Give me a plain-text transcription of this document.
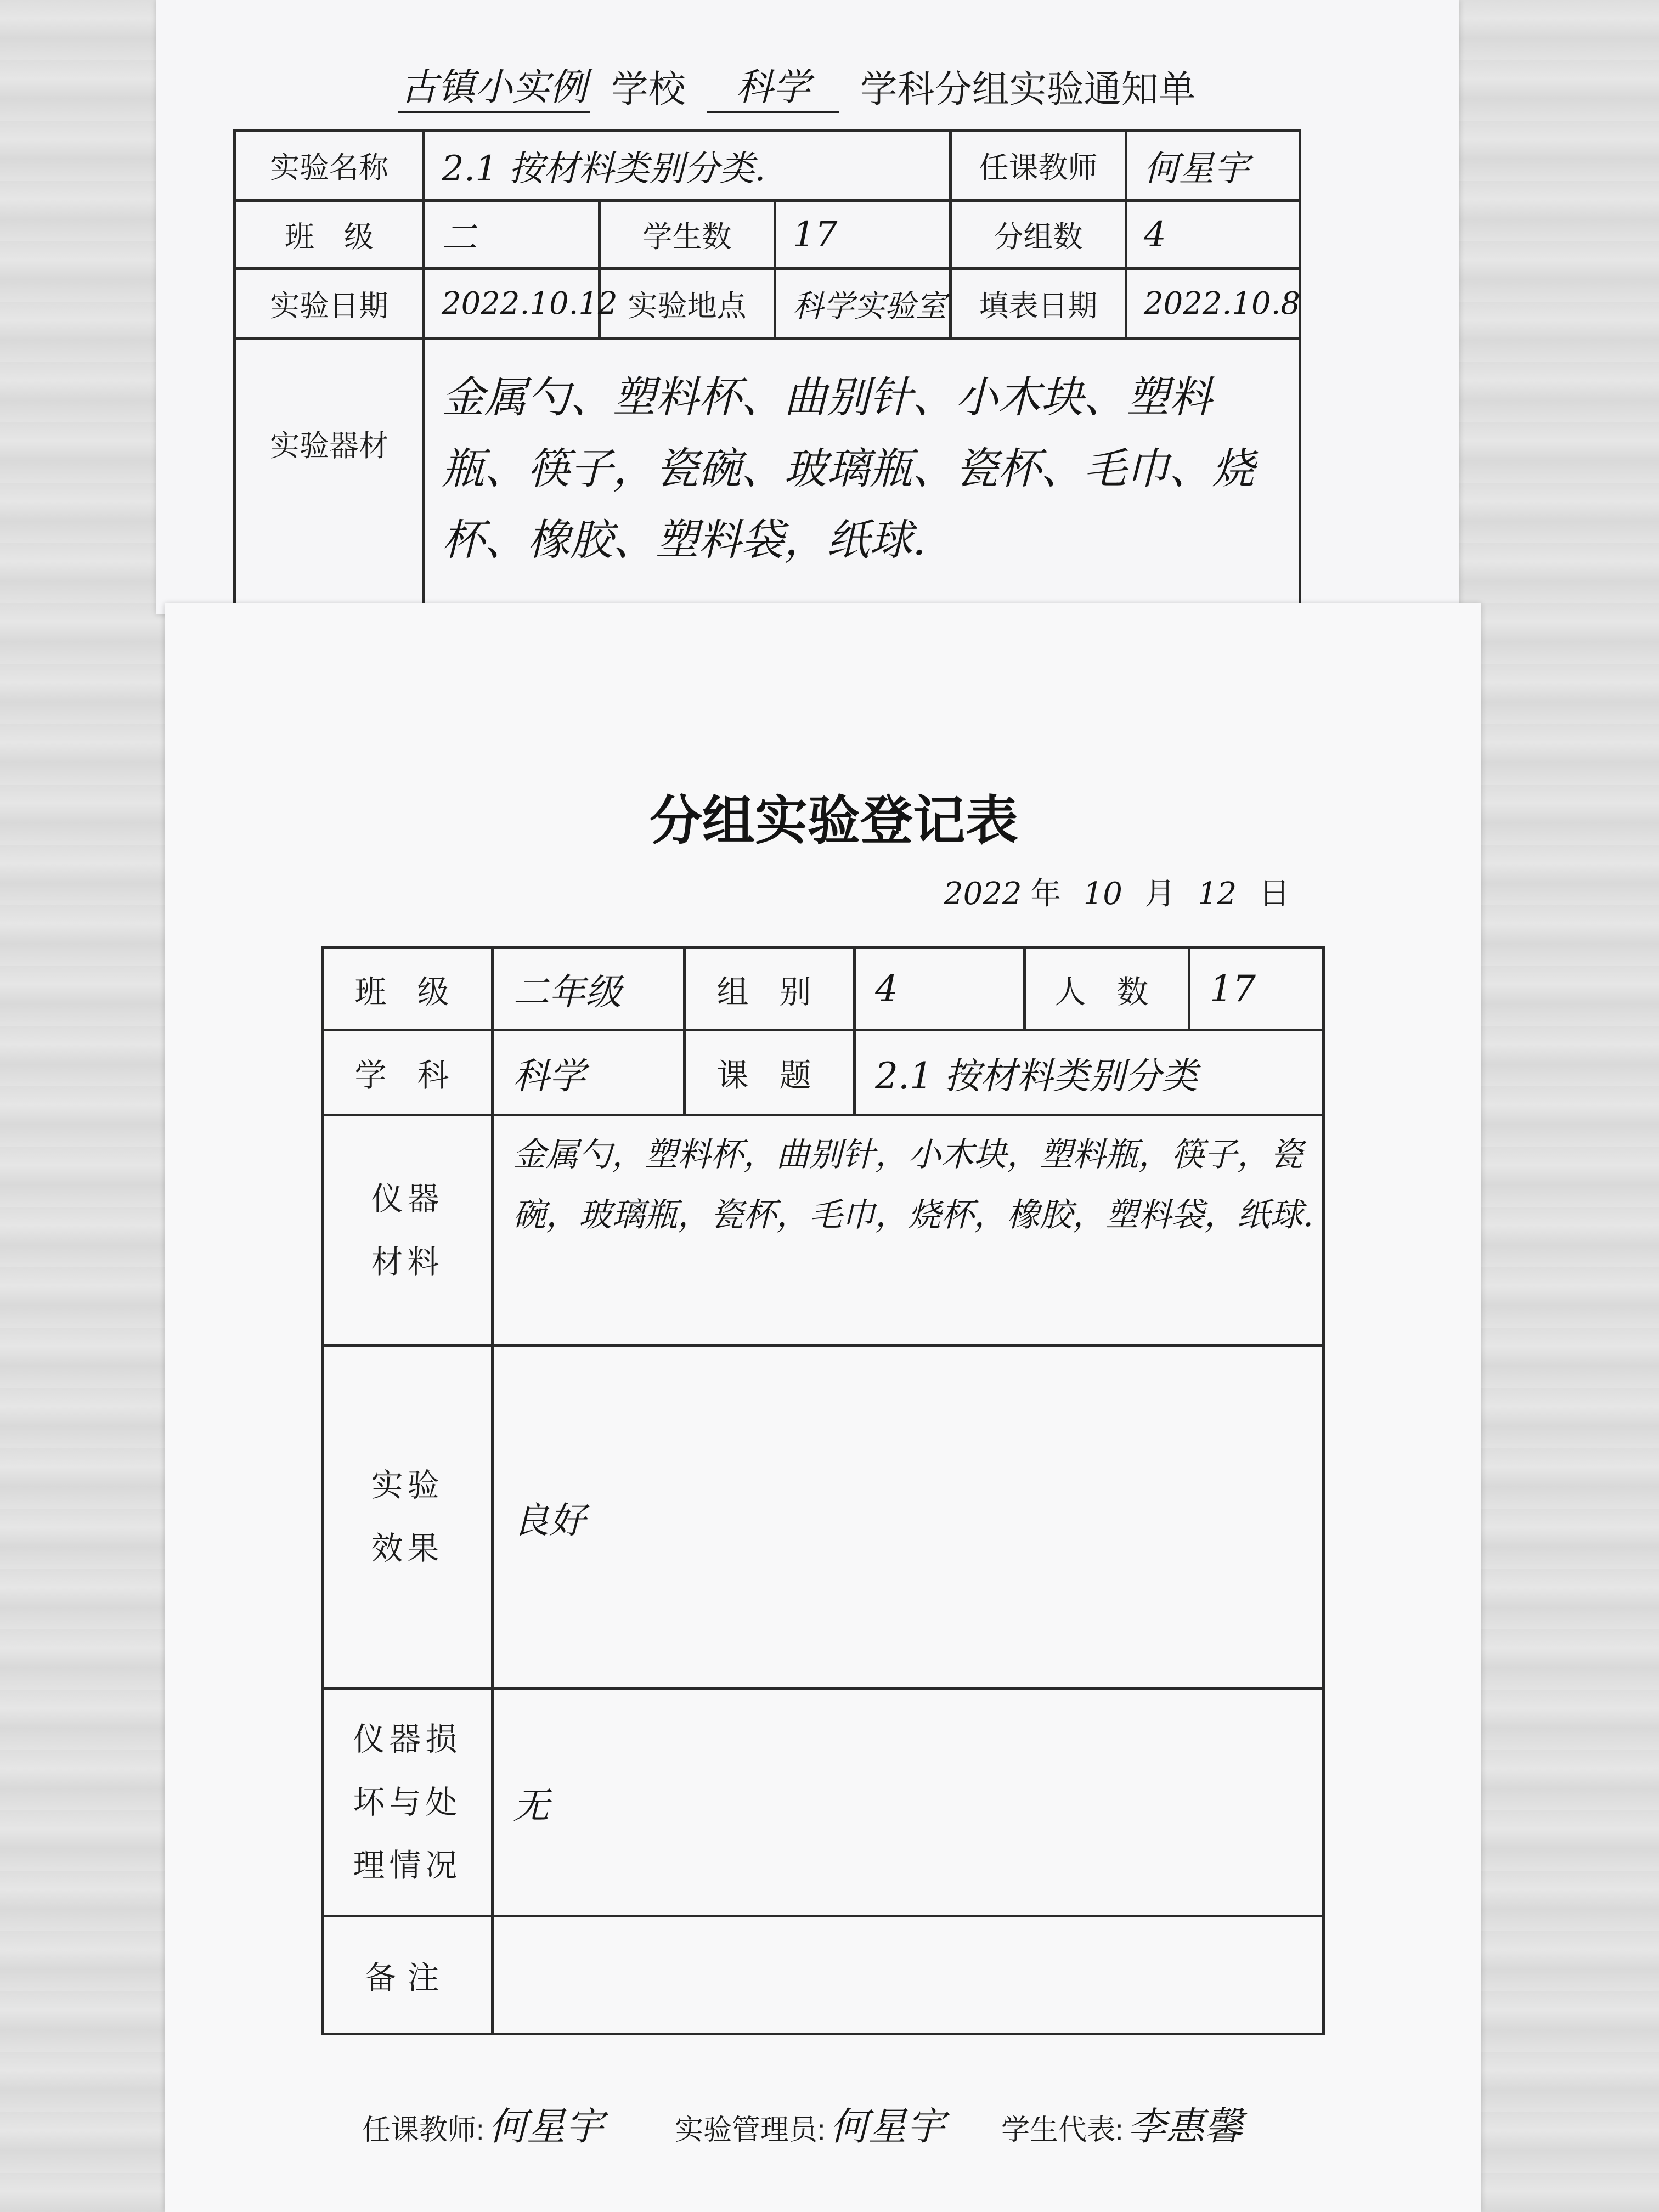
古镇小实例 学校 科学 学科分组实验通知单
实验名称	2.1 按材料类别分类.			任课教师	何星宇
班　级	二	学生数	17	分组数	4
实验日期	2022.10.12	实验地点	科学实验室	填表日期	2022.10.8
实验器材	金属勺、塑料杯、曲别针、小木块、塑料瓶、筷子，瓷碗、玻璃瓶、瓷杯、毛巾、烧杯、橡胶、塑料袋，纸球.				
分组实验登记表
2022 年 10 月 12 日
班 级	二年级	组 别	4	人 数	17
学 科	科学	课 题	2.1 按材料类别分类		

仪器
材料	金属勺，塑料杯，曲别针，小木块，塑料瓶，筷子，瓷碗，玻璃瓶，瓷杯，毛巾，烧杯，橡胶，塑料袋，纸球.				

实验
效果	良好				

仪器损
坏与处
理情况	无				
备注					
任课教师: 何星宇 实验管理员: 何星宇 学生代表: 李惠馨
